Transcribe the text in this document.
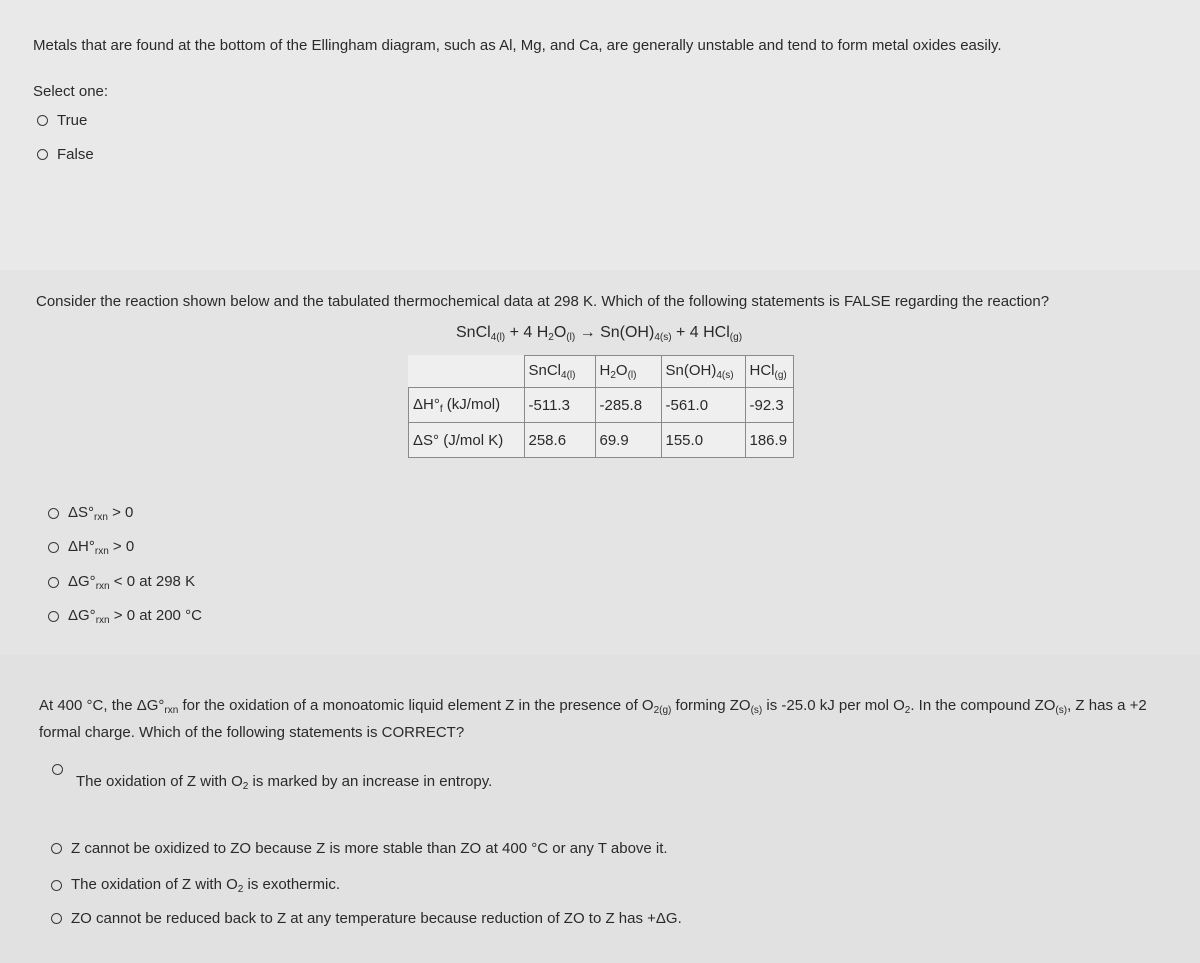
Metals that are found at the bottom of the Ellingham diagram, such as Al, Mg, and Ca, are generally unstable and tend to form metal oxides easily.
Select one:
True
False
Consider the reaction shown below and the tabulated thermochemical data at 298 K. Which of the following statements is FALSE regarding the reaction?
SnCl$_{4(l)}$ + 4 $H_2O_{(l)} \to Sn(OH)_{4(s)} + 4$ HCl$_{(g)}$
	SnCl$_{4(l)}$	$H_2O_{(l)}$	$Sn(OH)_{4(s)}$	HCl$_{(g)}$
$\Delta H^\circ_f$ (kJ/mol)	-511.3	-285.8	-561.0	-92.3
ΔS° (J/mol K)	258.6	69.9	155.0	186.9
$\Delta S^\circ_{rxn} > 0$
$\Delta H^\circ_{rxn} > 0$
$\Delta G^\circ_{rxn} < 0$ at 298 K
$\Delta G^\circ_{rxn} > 0$ at 200 °C
At 400 °C, the $\Delta G^\circ_{rxn}$ for the oxidation of a monoatomic liquid element Z in the presence of $O_{2(g)}$ forming $ZO_{(s)}$ is -25.0 kJ per mol $O_2$. In the compound $ZO_{(s)}$, Z has a +2 formal charge. Which of the following statements is CORRECT?
The oxidation of Z with $O_2$ is marked by an increase in entropy.
Z cannot be oxidized to ZO because Z is more stable than ZO at 400 °C or any T above it.
The oxidation of Z with $O_2$ is exothermic.
ZO cannot be reduced back to Z at any temperature because reduction of ZO to Z has +ΔG.
